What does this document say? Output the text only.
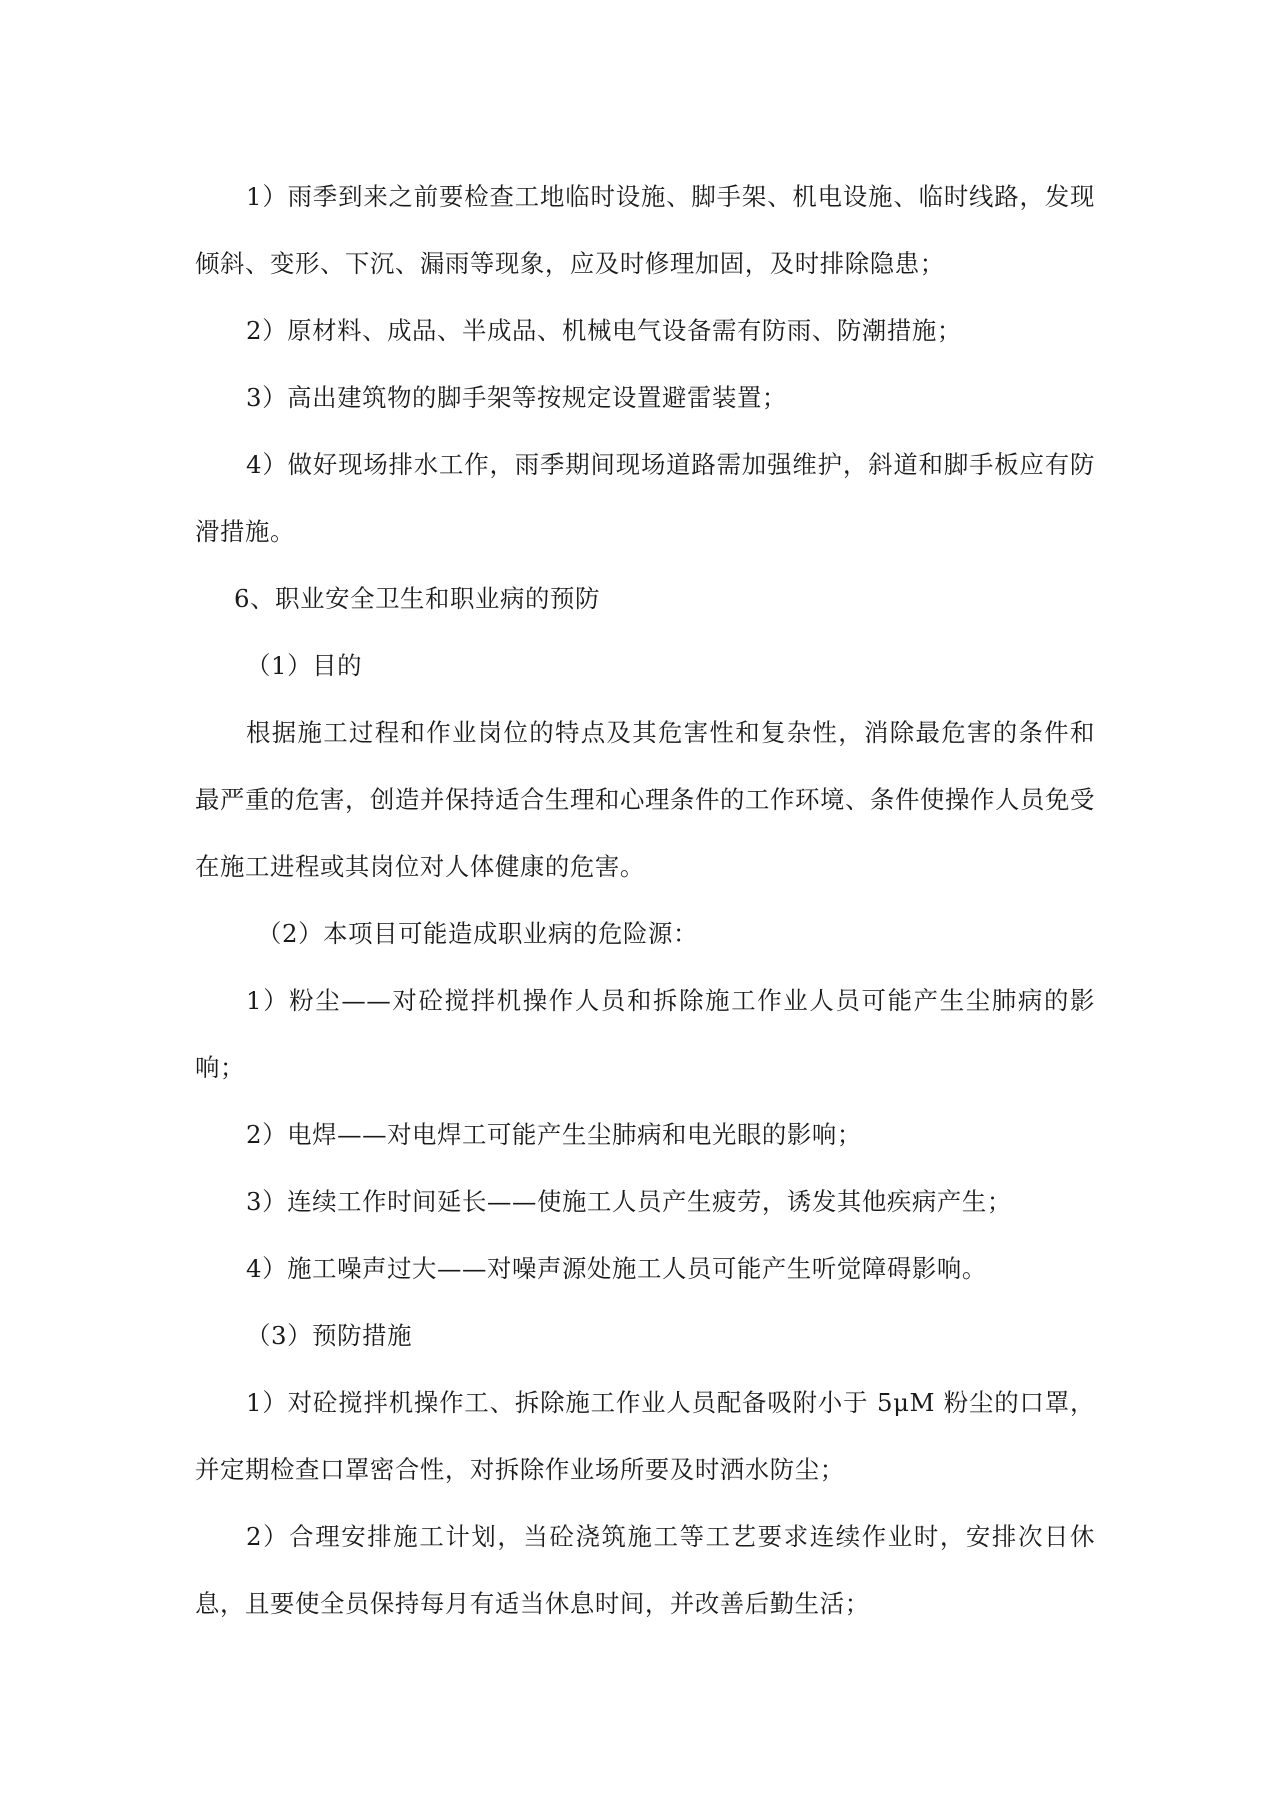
1）雨季到来之前要检查工地临时设施、脚手架、机电设施、临时线路，发现倾斜、变形、下沉、漏雨等现象，应及时修理加固，及时排除隐患；

2）原材料、成品、半成品、机械电气设备需有防雨、防潮措施；

3）高出建筑物的脚手架等按规定设置避雷装置；

4）做好现场排水工作，雨季期间现场道路需加强维护，斜道和脚手板应有防滑措施。

6、职业安全卫生和职业病的预防

（1）目的

根据施工过程和作业岗位的特点及其危害性和复杂性，消除最危害的条件和最严重的危害，创造并保持适合生理和心理条件的工作环境、条件使操作人员免受在施工进程或其岗位对人体健康的危害。

（2）本项目可能造成职业病的危险源：

1）粉尘——对砼搅拌机操作人员和拆除施工作业人员可能产生尘肺病的影响；

2）电焊——对电焊工可能产生尘肺病和电光眼的影响；

3）连续工作时间延长——使施工人员产生疲劳，诱发其他疾病产生；

4）施工噪声过大——对噪声源处施工人员可能产生听觉障碍影响。

（3）预防措施

1）对砼搅拌机操作工、拆除施工作业人员配备吸附小于 5μM 粉尘的口罩，并定期检查口罩密合性，对拆除作业场所要及时洒水防尘；

2）合理安排施工计划，当砼浇筑施工等工艺要求连续作业时，安排次日休息，且要使全员保持每月有适当休息时间，并改善后勤生活；
